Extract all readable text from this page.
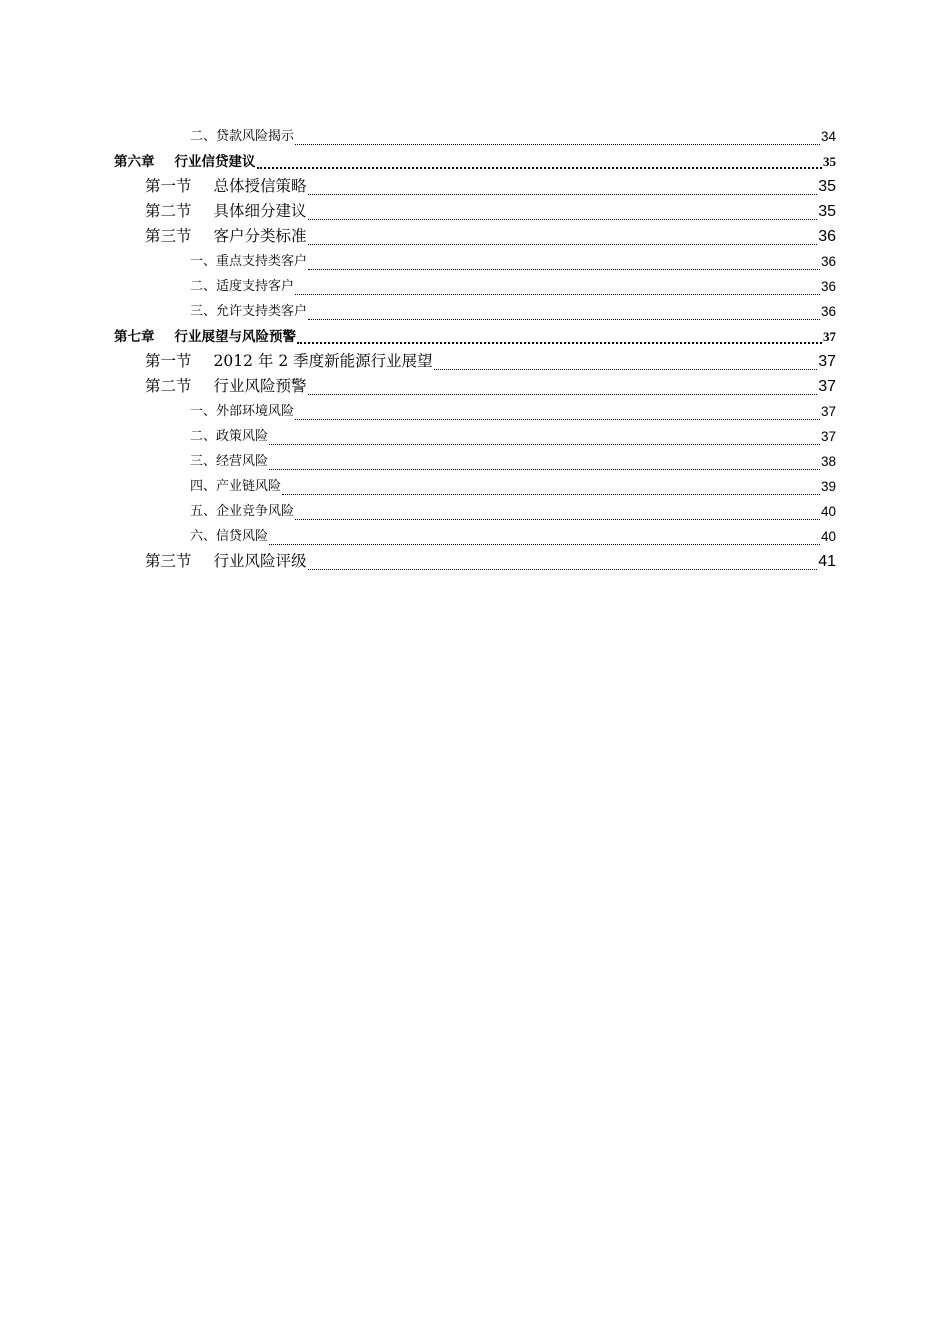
二、贷款风险揭示	34
第六章 行业信贷建议	35
第一节 总体授信策略	35
第二节 具体细分建议	35
第三节 客户分类标准	36
一、重点支持类客户	36
二、适度支持客户	36
三、允许支持类客户	36
第七章 行业展望与风险预警	37
第一节 2012 年 2 季度新能源行业展望	37
第二节 行业风险预警	37
一、外部环境风险	37
二、政策风险	37
三、经营风险	38
四、产业链风险	39
五、企业竞争风险	40
六、信贷风险	40
第三节 行业风险评级	41
